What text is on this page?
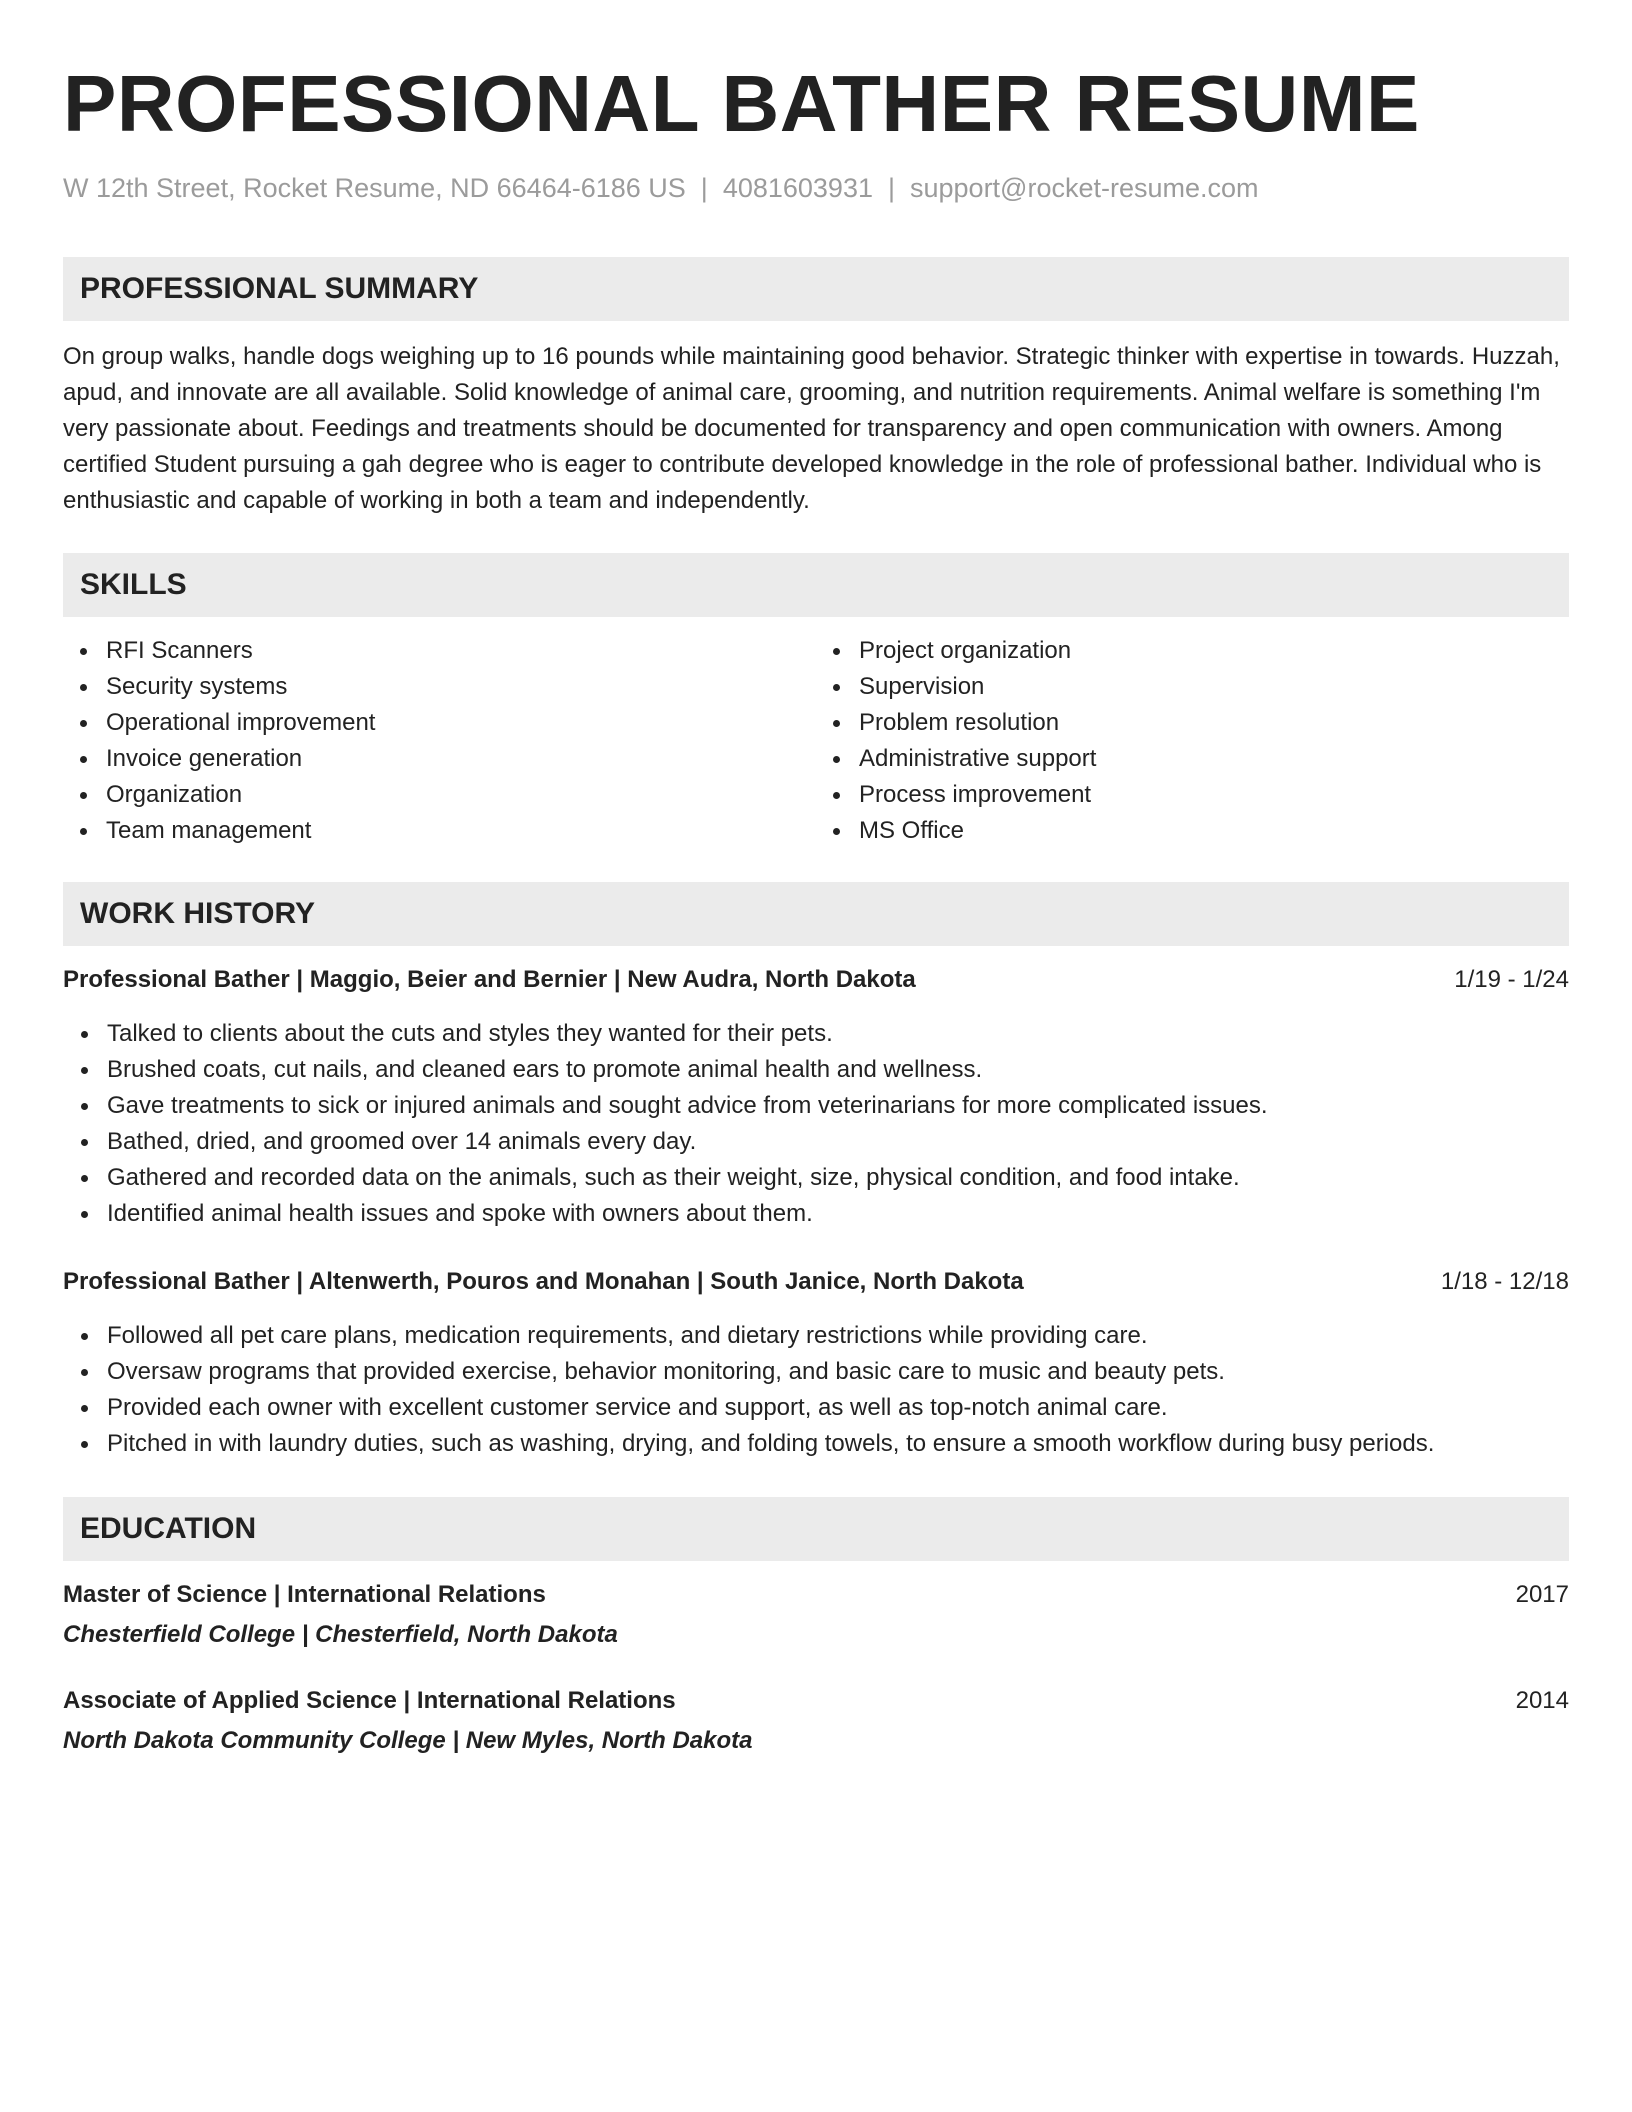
PROFESSIONAL BATHER RESUME
W 12th Street, Rocket Resume, ND 66464-6186 US | 4081603931 | support@rocket-resume.com
PROFESSIONAL SUMMARY

On group walks, handle dogs weighing up to 16 pounds while maintaining good behavior. Strategic thinker with expertise in towards. Huzzah, apud, and innovate are all available. Solid knowledge of animal care, grooming, and nutrition requirements. Animal welfare is something I'm very passionate about. Feedings and treatments should be documented for transparency and open communication with owners. Among certified Student pursuing a gah degree who is eager to contribute developed knowledge in the role of professional bather. Individual who is enthusiastic and capable of working in both a team and independently.

SKILLS
RFI Scanners
Security systems
Operational improvement
Invoice generation
Organization
Team management
Project organization
Supervision
Problem resolution
Administrative support
Process improvement
MS Office
WORK HISTORY
Professional Bather | Maggio, Beier and Bernier | New Audra, North Dakota	1/19 - 1/24
Talked to clients about the cuts and styles they wanted for their pets.
Brushed coats, cut nails, and cleaned ears to promote animal health and wellness.
Gave treatments to sick or injured animals and sought advice from veterinarians for more complicated issues.
Bathed, dried, and groomed over 14 animals every day.
Gathered and recorded data on the animals, such as their weight, size, physical condition, and food intake.
Identified animal health issues and spoke with owners about them.
Professional Bather | Altenwerth, Pouros and Monahan | South Janice, North Dakota	1/18 - 12/18
Followed all pet care plans, medication requirements, and dietary restrictions while providing care.
Oversaw programs that provided exercise, behavior monitoring, and basic care to music and beauty pets.
Provided each owner with excellent customer service and support, as well as top-notch animal care.
Pitched in with laundry duties, such as washing, drying, and folding towels, to ensure a smooth workflow during busy periods.
EDUCATION
Master of Science | International Relations	2017
Chesterfield College | Chesterfield, North Dakota
Associate of Applied Science | International Relations	2014
North Dakota Community College | New Myles, North Dakota
